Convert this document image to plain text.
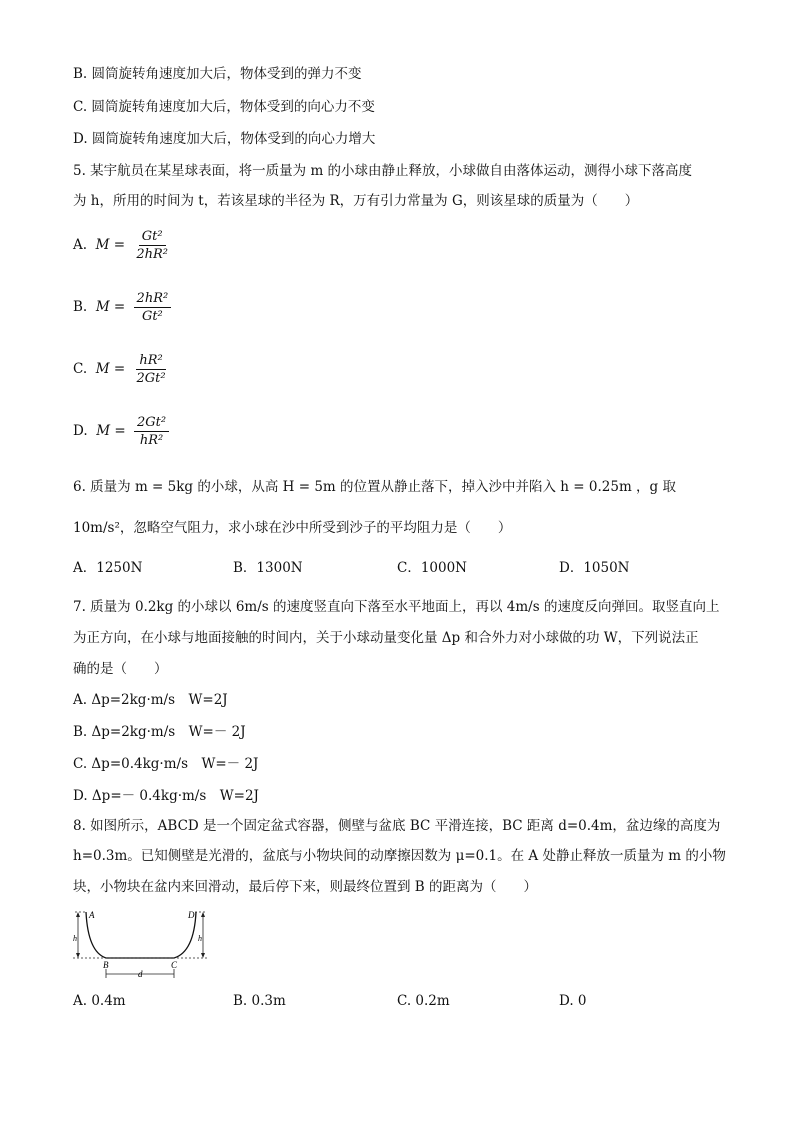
B. 圆筒旋转角速度加大后，物体受到的弹力不变
C. 圆筒旋转角速度加大后，物体受到的向心力不变
D. 圆筒旋转角速度加大后，物体受到的向心力增大
5. 某宇航员在某星球表面，将一质量为 m 的小球由静止释放，小球做自由落体运动，测得小球下落高度
为 h，所用的时间为 t，若该星球的半径为 R，万有引力常量为 G，则该星球的质量为（　　）
A. $M = \frac{\text{Gt²}}{\text{2hR²}}$
B. $M = \frac{\text{2hR²}}{\text{Gt²}}$
C. $M = \frac{\text{hR²}}{\text{2Gt²}}$
D. $M = \frac{\text{2Gt²}}{\text{hR²}}$
6. 质量为 m = 5kg 的小球，从高 H = 5m 的位置从静止落下，掉入沙中并陷入 h = 0.25m ，g 取
10m/s²，忽略空气阻力，求小球在沙中所受到沙子的平均阻力是（　　）
A．1250N	B．1300N	C．1000N	D．1050N
7. 质量为 0.2kg 的小球以 6m/s 的速度竖直向下落至水平地面上，再以 4m/s 的速度反向弹回。取竖直向上
为正方向，在小球与地面接触的时间内，关于小球动量变化量 Δp 和合外力对小球做的功 W，下列说法正
确的是（　　）
A. Δp=2kg·m/s　W=2J
B. Δp=2kg·m/s　W=－ 2J
C. Δp=0.4kg·m/s　W=－ 2J
D. Δp=－ 0.4kg·m/s　W=2J
8. 如图所示，ABCD 是一个固定盆式容器，侧壁与盆底 BC 平滑连接，BC 距离 d=0.4m，盆边缘的高度为
h=0.3m。已知侧壁是光滑的，盆底与小物块间的动摩擦因数为 μ=0.1。在 A 处静止释放一质量为 m 的小物
块，小物块在盆内来回滑动，最后停下来，则最终位置到 B 的距离为（　　）
A	D
h	h
B	C
d
A. 0.4m	B. 0.3m	C. 0.2m	D. 0
